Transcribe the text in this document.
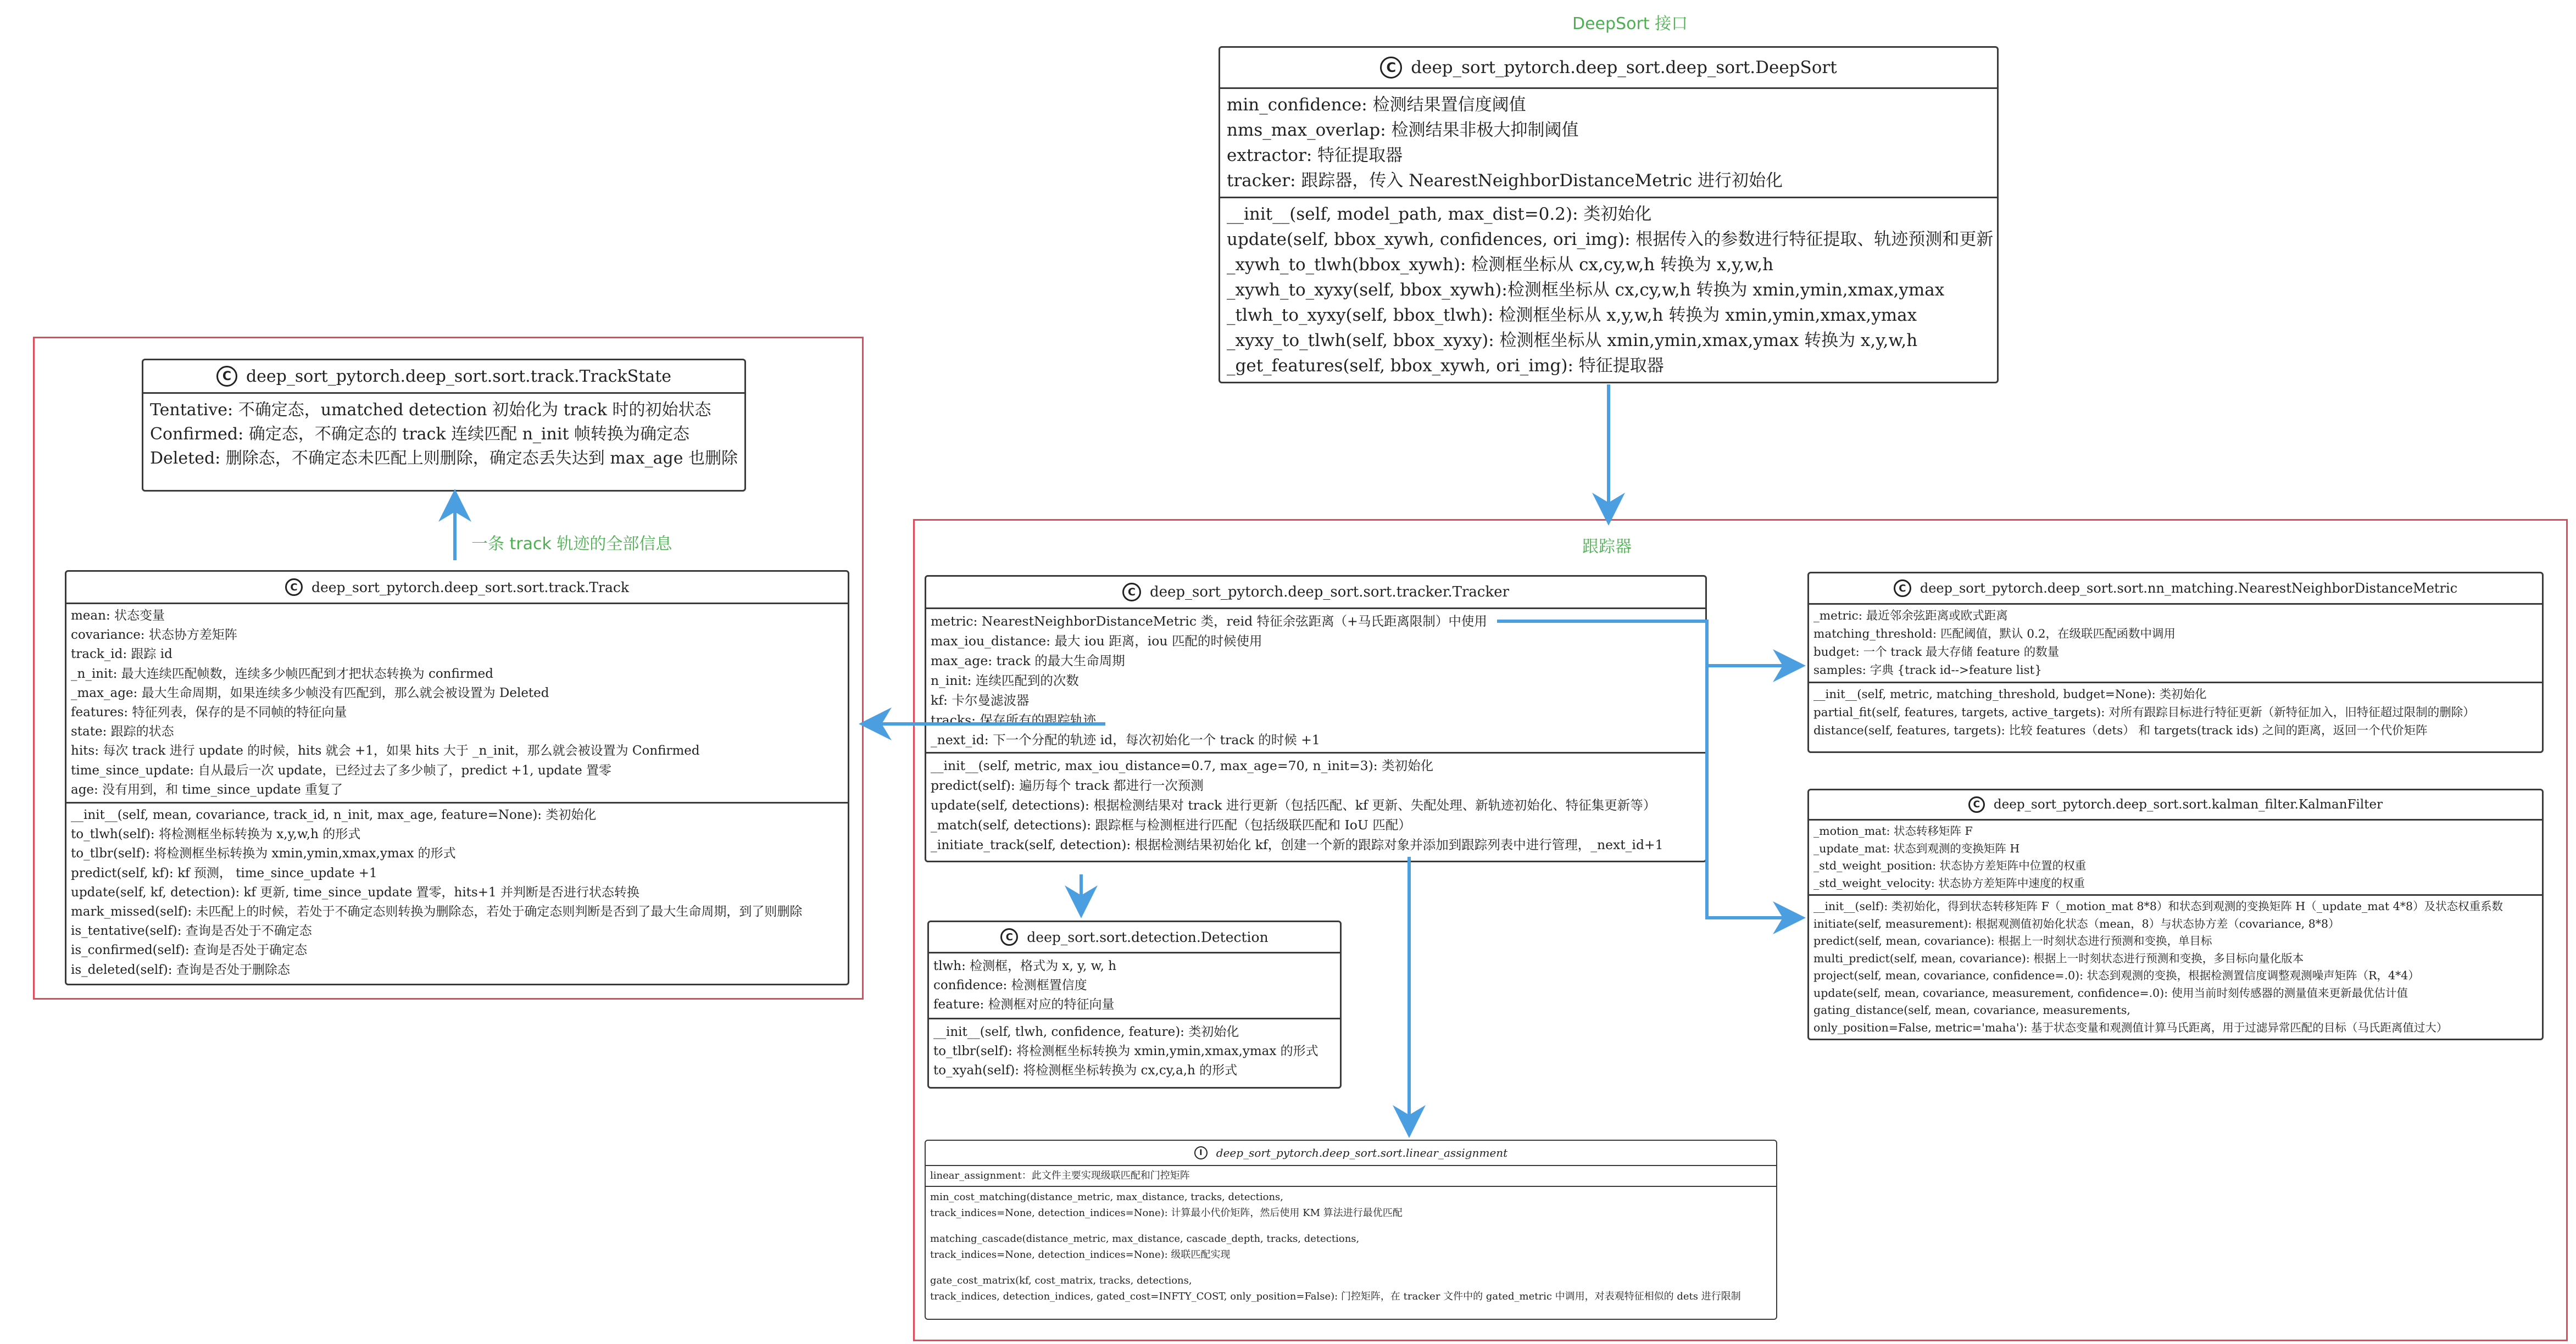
DeepSort 接口
跟踪器
一条 track 轨迹的全部信息
C deep_sort_pytorch.deep_sort.deep_sort.DeepSort
min_confidence: 检测结果置信度阈值
nms_max_overlap: 检测结果非极大抑制阈值
extractor: 特征提取器
tracker: 跟踪器，传入 NearestNeighborDistanceMetric 进行初始化
__init__(self, model_path, max_dist=0.2): 类初始化
update(self, bbox_xywh, confidences, ori_img): 根据传入的参数进行特征提取、轨迹预测和更新
_xywh_to_tlwh(bbox_xywh): 检测框坐标从 cx,cy,w,h 转换为 x,y,w,h
_xywh_to_xyxy(self, bbox_xywh):检测框坐标从 cx,cy,w,h 转换为 xmin,ymin,xmax,ymax
_tlwh_to_xyxy(self, bbox_tlwh): 检测框坐标从 x,y,w,h 转换为 xmin,ymin,xmax,ymax
_xyxy_to_tlwh(self, bbox_xyxy): 检测框坐标从 xmin,ymin,xmax,ymax 转换为 x,y,w,h
_get_features(self, bbox_xywh, ori_img): 特征提取器
C deep_sort_pytorch.deep_sort.sort.track.TrackState
Tentative: 不确定态，umatched detection 初始化为 track 时的初始状态
Confirmed: 确定态，不确定态的 track 连续匹配 n_init 帧转换为确定态
Deleted: 删除态，不确定态未匹配上则删除，确定态丢失达到 max_age 也删除
C	deep_sort_pytorch.deep_sort.sort.track.Track
mean: 状态变量
covariance: 状态协方差矩阵
track_id: 跟踪 id
_n_init: 最大连续匹配帧数，连续多少帧匹配到才把状态转换为 confirmed
_max_age: 最大生命周期，如果连续多少帧没有匹配到，那么就会被设置为 Deleted
features: 特征列表，保存的是不同帧的特征向量
state: 跟踪的状态
hits: 每次 track 进行 update 的时候，hits 就会 +1，如果 hits 大于 _n_init，那么就会被设置为 Confirmed
time_since_update: 自从最后一次 update，已经过去了多少帧了，predict +1, update 置零
age: 没有用到，和 time_since_update 重复了
__init__(self, mean, covariance, track_id, n_init, max_age, feature=None): 类初始化
to_tlwh(self): 将检测框坐标转换为 x,y,w,h 的形式
to_tlbr(self): 将检测框坐标转换为 xmin,ymin,xmax,ymax 的形式
predict(self, kf): kf 预测， time_since_update +1
update(self, kf, detection): kf 更新, time_since_update 置零，hits+1 并判断是否进行状态转换
mark_missed(self): 未匹配上的时候，若处于不确定态则转换为删除态，若处于确定态则判断是否到了最大生命周期，到了则删除
is_tentative(self): 查询是否处于不确定态
is_confirmed(self): 查询是否处于确定态
is_deleted(self): 查询是否处于删除态
C	deep_sort_pytorch.deep_sort.sort.tracker.Tracker
metric: NearestNeighborDistanceMetric 类，reid 特征余弦距离（+马氏距离限制）中使用
max_iou_distance: 最大 iou 距离，iou 匹配的时候使用
max_age: track 的最大生命周期
n_init: 连续匹配到的次数
kf: 卡尔曼滤波器
tracks: 保存所有的跟踪轨迹
_next_id: 下一个分配的轨迹 id，每次初始化一个 track 的时候 +1
__init__(self, metric, max_iou_distance=0.7, max_age=70, n_init=3): 类初始化
predict(self): 遍历每个 track 都进行一次预测
update(self, detections): 根据检测结果对 track 进行更新（包括匹配、kf 更新、失配处理、新轨迹初始化、特征集更新等）
_match(self, detections): 跟踪框与检测框进行匹配（包括级联匹配和 IoU 匹配）
_initiate_track(self, detection): 根据检测结果初始化 kf，创建一个新的跟踪对象并添加到跟踪列表中进行管理，_next_id+1
C	deep_sort_pytorch.deep_sort.sort.nn_matching.NearestNeighborDistanceMetric
_metric: 最近邻余弦距离或欧式距离
matching_threshold: 匹配阈值，默认 0.2，在级联匹配函数中调用
budget: 一个 track 最大存储 feature 的数量
samples: 字典 {track id-->feature list}
__init__(self, metric, matching_threshold, budget=None): 类初始化
partial_fit(self, features, targets, active_targets): 对所有跟踪目标进行特征更新（新特征加入，旧特征超过限制的删除）
distance(self, features, targets): 比较 features（dets） 和 targets(track ids) 之间的距离，返回一个代价矩阵
C	deep_sort_pytorch.deep_sort.sort.kalman_filter.KalmanFilter
_motion_mat: 状态转移矩阵 F
_update_mat: 状态到观测的变换矩阵 H
_std_weight_position: 状态协方差矩阵中位置的权重
_std_weight_velocity: 状态协方差矩阵中速度的权重
__init__(self): 类初始化，得到状态转移矩阵 F（_motion_mat 8*8）和状态到观测的变换矩阵 H（_update_mat 4*8）及状态权重系数
initiate(self, measurement): 根据观测值初始化状态（mean，8）与状态协方差（covariance, 8*8）
predict(self, mean, covariance): 根据上一时刻状态进行预测和变换，单目标
multi_predict(self, mean, covariance): 根据上一时刻状态进行预测和变换，多目标向量化版本
project(self, mean, covariance, confidence=.0): 状态到观测的变换，根据检测置信度调整观测噪声矩阵（R，4*4）
update(self, mean, covariance, measurement, confidence=.0): 使用当前时刻传感器的测量值来更新最优估计值
gating_distance(self, mean, covariance, measurements,
only_position=False, metric='maha'): 基于状态变量和观测值计算马氏距离，用于过滤异常匹配的目标（马氏距离值过大）
C	deep_sort.sort.detection.Detection
tlwh: 检测框，格式为 x, y, w, h
confidence: 检测框置信度
feature: 检测框对应的特征向量
__init__(self, tlwh, confidence, feature): 类初始化
to_tlbr(self): 将检测框坐标转换为 xmin,ymin,xmax,ymax 的形式
to_xyah(self): 将检测框坐标转换为 cx,cy,a,h 的形式
I	deep_sort_pytorch.deep_sort.sort.linear_assignment
linear_assignment：此文件主要实现级联匹配和门控矩阵
min_cost_matching(distance_metric, max_distance, tracks, detections,
track_indices=None, detection_indices=None): 计算最小代价矩阵，然后使用 KM 算法进行最优匹配
matching_cascade(distance_metric, max_distance, cascade_depth, tracks, detections,
track_indices=None, detection_indices=None): 级联匹配实现
gate_cost_matrix(kf, cost_matrix, tracks, detections,
track_indices, detection_indices, gated_cost=INFTY_COST, only_position=False): 门控矩阵，在 tracker 文件中的 gated_metric 中调用，对表观特征相似的 dets 进行限制
